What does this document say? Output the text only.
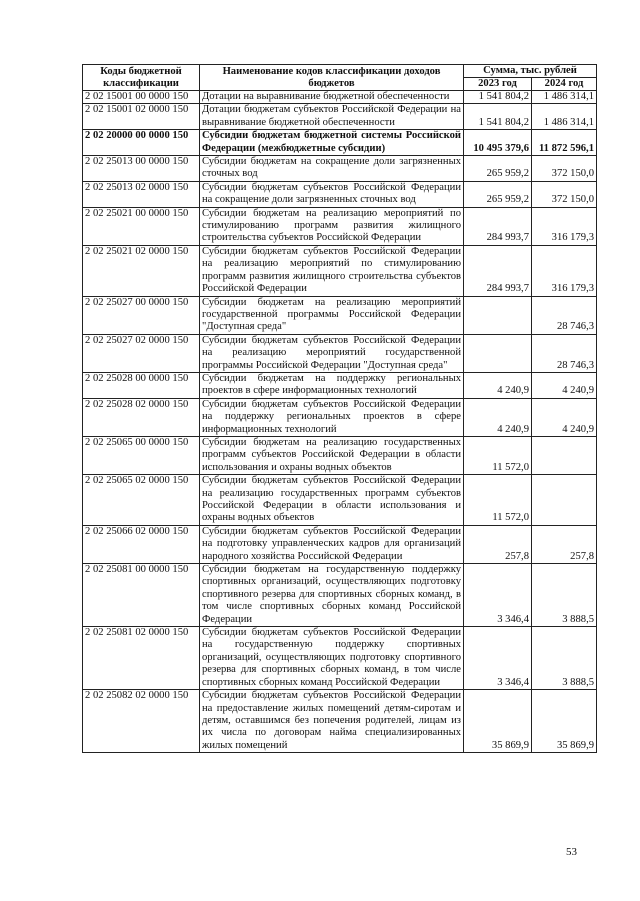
Коды бюджетной классификации	Наименование кодов классификации доходов бюджетов	Сумма, тыс. рублей	
		2023 год	2024 год
2 02 15001 00 0000 150	Дотации на выравнивание бюджетной обеспеченности	1 541 804,2	1 486 314,1
2 02 15001 02 0000 150	Дотации бюджетам субъектов Российской Федерации на выравнивание бюджетной обеспеченности	1 541 804,2	1 486 314,1
2 02 20000 00 0000 150	Субсидии бюджетам бюджетной системы Российской Федерации (межбюджетные субсидии)	10 495 379,6	11 872 596,1
2 02 25013 00 0000 150	Субсидии бюджетам на сокращение доли загрязненных сточных вод	265 959,2	372 150,0
2 02 25013 02 0000 150	Субсидии бюджетам субъектов Российской Федерации на сокращение доли загрязненных сточных вод	265 959,2	372 150,0
2 02 25021 00 0000 150	Субсидии бюджетам на реализацию мероприятий по стимулированию программ развития жилищного строительства субъектов Российской Федерации	284 993,7	316 179,3
2 02 25021 02 0000 150	Субсидии бюджетам субъектов Российской Федерации на реализацию мероприятий по стимулированию программ развития жилищного строительства субъектов Российской Федерации	284 993,7	316 179,3
2 02 25027 00 0000 150	Субсидии бюджетам на реализацию мероприятий государственной программы Российской Федерации "Доступная среда"		28 746,3
2 02 25027 02 0000 150	Субсидии бюджетам субъектов Российской Федерации на реализацию мероприятий государственной программы Российской Федерации "Доступная среда"		28 746,3
2 02 25028 00 0000 150	Субсидии бюджетам на поддержку региональных проектов в сфере информационных технологий	4 240,9	4 240,9
2 02 25028 02 0000 150	Субсидии бюджетам субъектов Российской Федерации на поддержку региональных проектов в сфере информационных технологий	4 240,9	4 240,9
2 02 25065 00 0000 150	Субсидии бюджетам на реализацию государственных программ субъектов Российской Федерации в области использования и охраны водных объектов	11 572,0	
2 02 25065 02 0000 150	Субсидии бюджетам субъектов Российской Федерации на реализацию государственных программ субъектов Российской Федерации в области использования и охраны водных объектов	11 572,0	
2 02 25066 02 0000 150	Субсидии бюджетам субъектов Российской Федерации на подготовку управленческих кадров для организаций народного хозяйства Российской Федерации	257,8	257,8
2 02 25081 00 0000 150	Субсидии бюджетам на государственную поддержку спортивных организаций, осуществляющих подготовку спортивного резерва для спортивных сборных команд, в том числе спортивных сборных команд Российской Федерации	3 346,4	3 888,5
2 02 25081 02 0000 150	Субсидии бюджетам субъектов Российской Федерации на государственную поддержку спортивных организаций, осуществляющих подготовку спортивного резерва для спортивных сборных команд, в том числе спортивных сборных команд Российской Федерации	3 346,4	3 888,5
2 02 25082 02 0000 150	Субсидии бюджетам субъектов Российской Федерации на предоставление жилых помещений детям-сиротам и детям, оставшимся без попечения родителей, лицам из их числа по договорам найма специализированных жилых помещений	35 869,9	35 869,9
53
